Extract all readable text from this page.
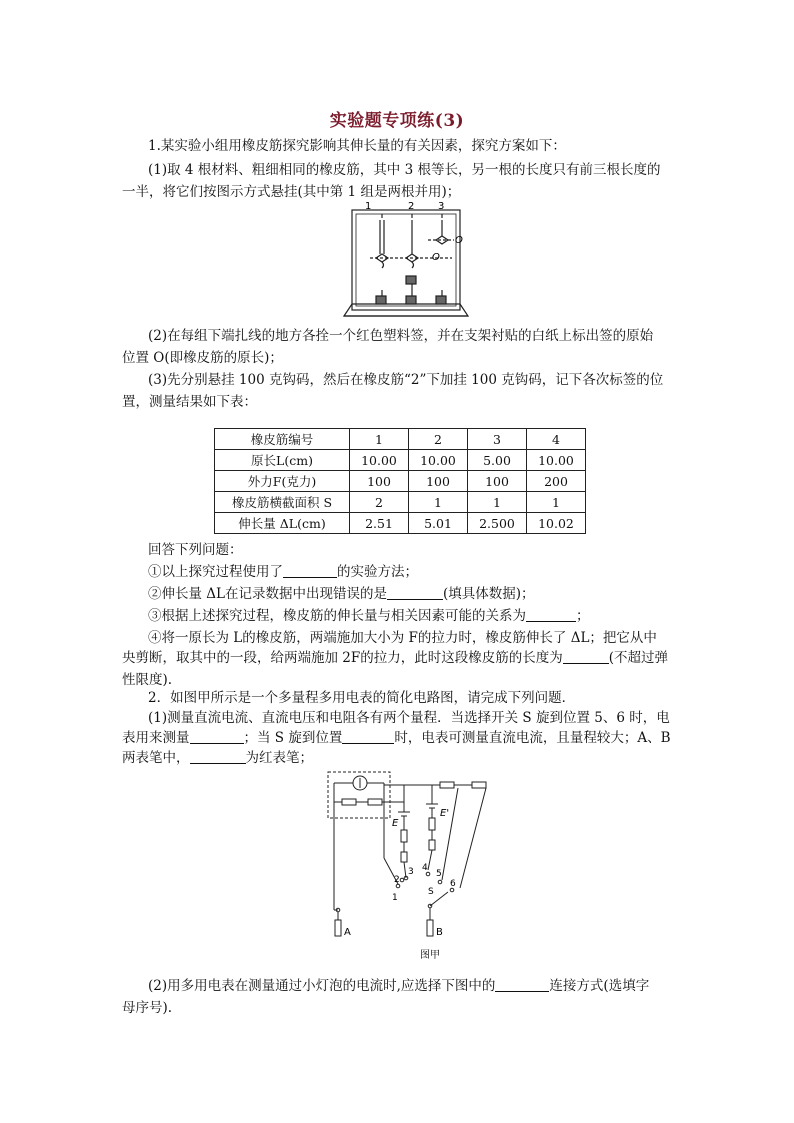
实验题专项练(3)
1.某实验小组用橡皮筋探究影响其伸长量的有关因素，探究方案如下：
(1)取 4 根材料、粗细相同的橡皮筋，其中 3 根等长，另一根的长度只有前三根长度的
一半，将它们按图示方式悬挂(其中第 1 组是两根并用)；
1	2 3
O
O
(2)在每组下端扎线的地方各拴一个红色塑料签，并在支架衬贴的白纸上标出签的原始
位置 O(即橡皮筋的原长)；
(3)先分别悬挂 100 克钩码，然后在橡皮筋“2”下加挂 100 克钩码，记下各次标签的位
置，测量结果如下表：
橡皮筋编号	1	2	3	4
原长L(cm)	10.00	10.00	5.00	10.00
外力F(克力)	100	100	100	200
橡皮筋横截面积 S	2	1	1	1
伸长量 ΔL(cm)	2.51	5.01	2.500	10.02
回答下列问题：
①以上探究过程使用了	的实验方法；
②伸长量 ΔL在记录数据中出现错误的是	(填具体数据)；
③根据上述探究过程，橡皮筋的伸长量与相关因素可能的关系为	；
④将一原长为 L的橡皮筋，两端施加大小为 F的拉力时，橡皮筋伸长了 ΔL；把它从中
央剪断，取其中的一段，给两端施加 2F的拉力，此时这段橡皮筋的长度为	(不超过弹
性限度).
2．如图甲所示是一个多量程多用电表的简化电路图，请完成下列问题．
(1)测量直流电流、直流电压和电阻各有两个量程．当选择开关 S 旋到位置 5、6 时，电
表用来测量	；当 S 旋到位置	时，电表可测量直流电流，且量程较大；A、B
两表笔中，	为红表笔；
E
E'
1
2
3 4
5
6
S
A	B
图甲
(2)用多用电表在测量通过小灯泡的电流时,应选择下图中的	连接方式(选填字
母序号).
